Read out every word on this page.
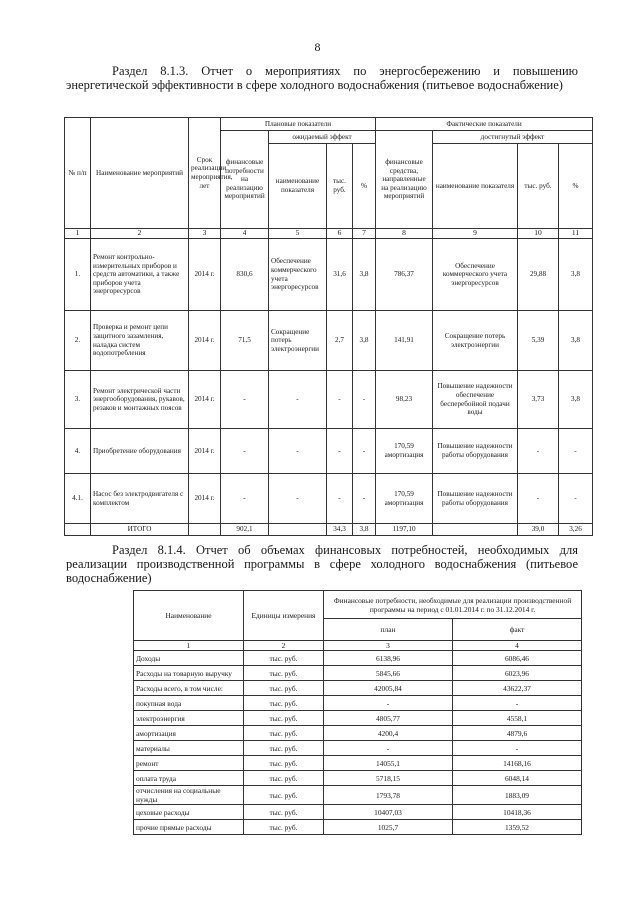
8
Раздел 8.1.3. Отчет о мероприятиях по энергосбережению и повышению энергетической эффективности в сфере холодного водоснабжения (питьевое водоснабжение)
№ п/п	Наименование мероприятий	Срок реализации мероприятия, лет	Плановые показатели				Фактические показатели			
			финансовые потребности на реализацию мероприятий	ожидаемый эффект			финансовые средства, направленные на реализацию мероприятий	достигнутый эффект		
				наименование показателя	тыс. руб.	%		наименование показателя	тыс. руб.	%
1	2	3	4	5	6	7	8	9	10	11
1.	Ремонт контрольно-измерительных приборов и средств автоматики, а также приборов учета энергоресурсов	2014 г.	830,6	Обеспечение коммерческого учета энергоресурсов	31,6	3,8	786,37	Обеспечение коммерческого учета энергоресурсов	29,88	3,8
2.	Проверка и ремонт цепи защитного зазамления, наладка систем водопотребления	2014 г.	71,5	Сокращение потерь электроэнергии	2,7	3,8	141,91	Сокращение потерь электроэнергии	5,39	3,8
3.	Ремонт электрической части энергооборудования, рукавов, резаков и монтажных поясов	2014 г.	-	-	-	-	98,23	Повышение надежности обеспечение бесперебойной подачи воды	3,73	3,8
4.	Приобретение оборудования	2014 г.	-	-	-	-	170,59 амортизация	Повышение надежности работы оборудования	-	-
4.1.	Насос без электродвигателя с комплектом	2014 г.	-	-	-	-	170,59 амортизация	Повышение надежности работы оборудования	-	-
	ИТОГО		902,1		34,3	3,8	1197,10		39,0	3,26
Раздел 8.1.4. Отчет об объемах финансовых потребностей, необходимых для реализации производственной программы в сфере холодного водоснабжения (питьевое водоснабжение)
Наименование	Единицы измерения	Финансовые потребности, необходимые для реализации производственной программы на период с 01.01.2014 г. по 31.12.2014 г.	
		план	факт
1	2	3	4
Доходы	тыс. руб.	6138,96	6086,46
Расходы на товарную выручку	тыс. руб.	5845,66	6023,96
Расходы всего, в том числе:	тыс. руб.	42005,84	43622,37
покупная вода	тыс. руб.	-	-
электроэнергия	тыс. руб.	4805,77	4558,1
амортизация	тыс. руб.	4200,4	4879,6
материалы	тыс. руб.	-	-
ремонт	тыс. руб.	14055,1	14168,16
оплата труда	тыс. руб.	5718,15	6048,14
отчисления на социальные нужды	тыс. руб.	1793,78	1883,09
цеховые расходы	тыс. руб.	10407,03	10418,36
прочие прямые расходы	тыс. руб.	1025,7	1359,52
